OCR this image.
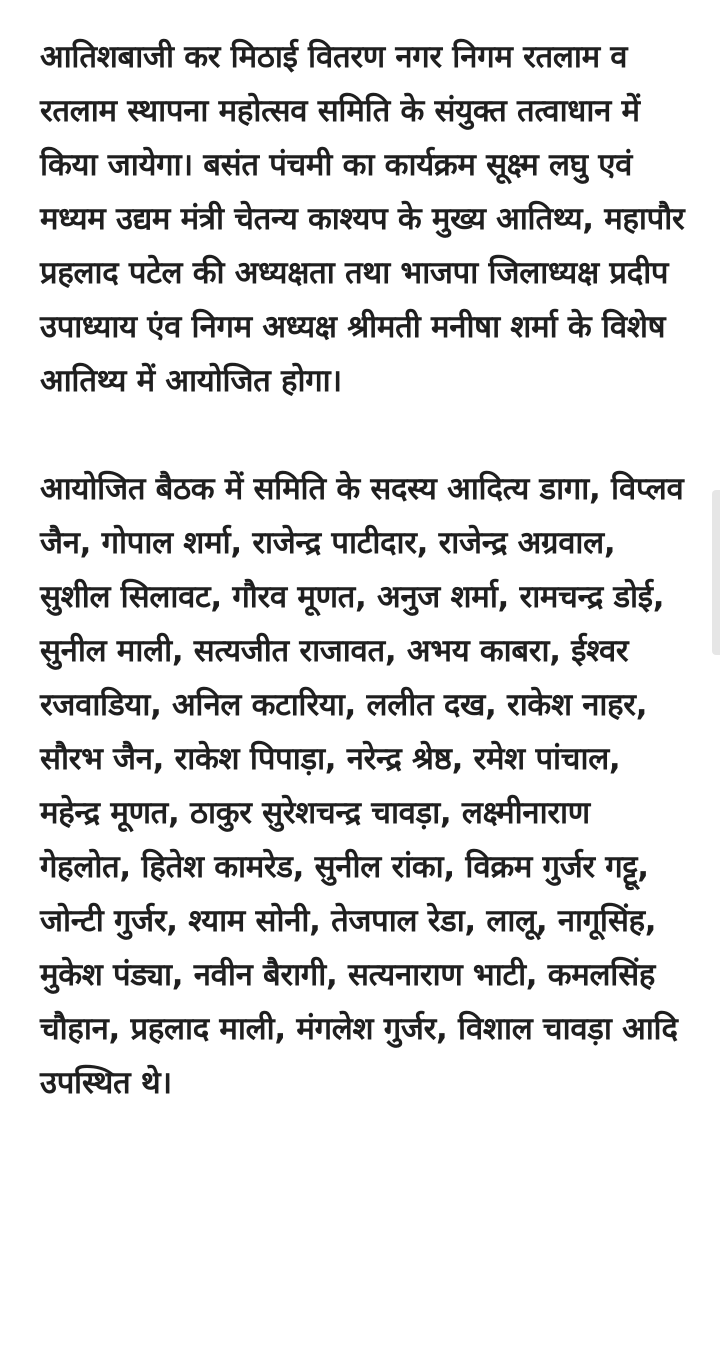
आतिशबाजी कर मिठाई वितरण नगर निगम रतलाम व रतलाम स्थापना महोत्सव समिति के संयुक्त तत्वाधान में किया जायेगा। बसंत पंचमी का कार्यक्रम सूक्ष्म लघु एवं मध्यम उद्यम मंत्री चेतन्य काश्यप के मुख्य आतिथ्य, महापौर प्रहलाद पटेल की अध्यक्षता तथा भाजपा जिलाध्यक्ष प्रदीप उपाध्याय एंव निगम अध्यक्ष श्रीमती मनीषा शर्मा के विशेष आतिथ्य में आयोजित होगा।

आयोजित बैठक में समिति के सदस्य आदित्य डागा, विप्लव जैन, गोपाल शर्मा, राजेन्द्र पाटीदार, राजेन्द्र अग्रवाल, सुशील सिलावट, गौरव मूणत, अनुज शर्मा, रामचन्द्र डोई, सुनील माली, सत्यजीत राजावत, अभय काबरा, ईश्वर रजवाडिया, अनिल कटारिया, ललीत दख, राकेश नाहर, सौरभ जैन, राकेश पिपाड़ा, नरेन्द्र श्रेष्ठ, रमेश पांचाल, महेन्द्र मूणत, ठाकुर सुरेशचन्द्र चावड़ा, लक्ष्मीनाराण गेहलोत, हितेश कामरेड, सुनील रांका, विक्रम गुर्जर गट्टू, जोन्टी गुर्जर, श्याम सोनी, तेजपाल रेडा, लालू, नागूसिंह, मुकेश पंड्या, नवीन बैरागी, सत्यनाराण भाटी, कमलसिंह चौहान, प्रहलाद माली, मंगलेश गुर्जर, विशाल चावड़ा आदि उपस्थित थे।
